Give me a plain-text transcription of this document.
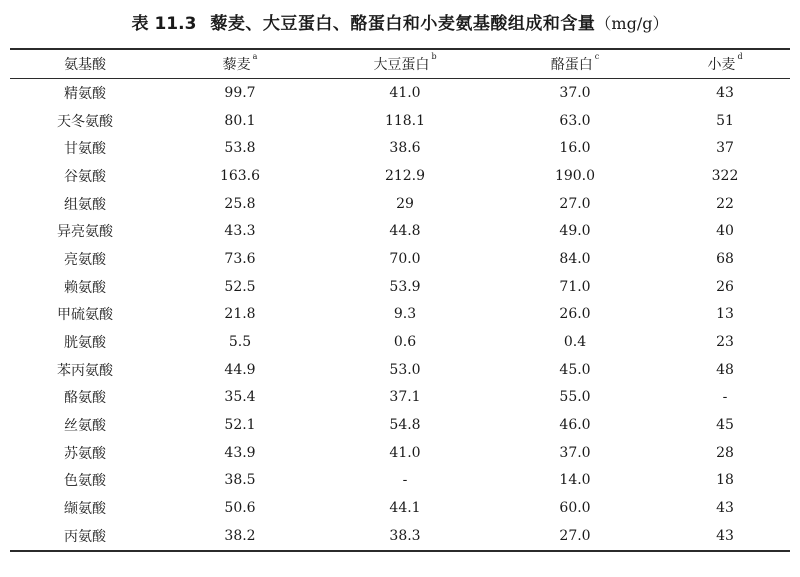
表 11.3 藜麦、大豆蛋白、酪蛋白和小麦氨基酸组成和含量（mg/g）
氨基酸	藜麦$^a$	大豆蛋白$^b$	酪蛋白$^c$	小麦$^d$
精氨酸	99.7	41.0	37.0	43
天冬氨酸	80.1	118.1	63.0	51
甘氨酸	53.8	38.6	16.0	37
谷氨酸	163.6	212.9	190.0	322
组氨酸	25.8	29	27.0	22
异亮氨酸	43.3	44.8	49.0	40
亮氨酸	73.6	70.0	84.0	68
赖氨酸	52.5	53.9	71.0	26
甲硫氨酸	21.8	9.3	26.0	13
胱氨酸	5.5	0.6	0.4	23
苯丙氨酸	44.9	53.0	45.0	48
酪氨酸	35.4	37.1	55.0	-
丝氨酸	52.1	54.8	46.0	45
苏氨酸	43.9	41.0	37.0	28
色氨酸	38.5	-	14.0	18
缬氨酸	50.6	44.1	60.0	43
丙氨酸	38.2	38.3	27.0	43
